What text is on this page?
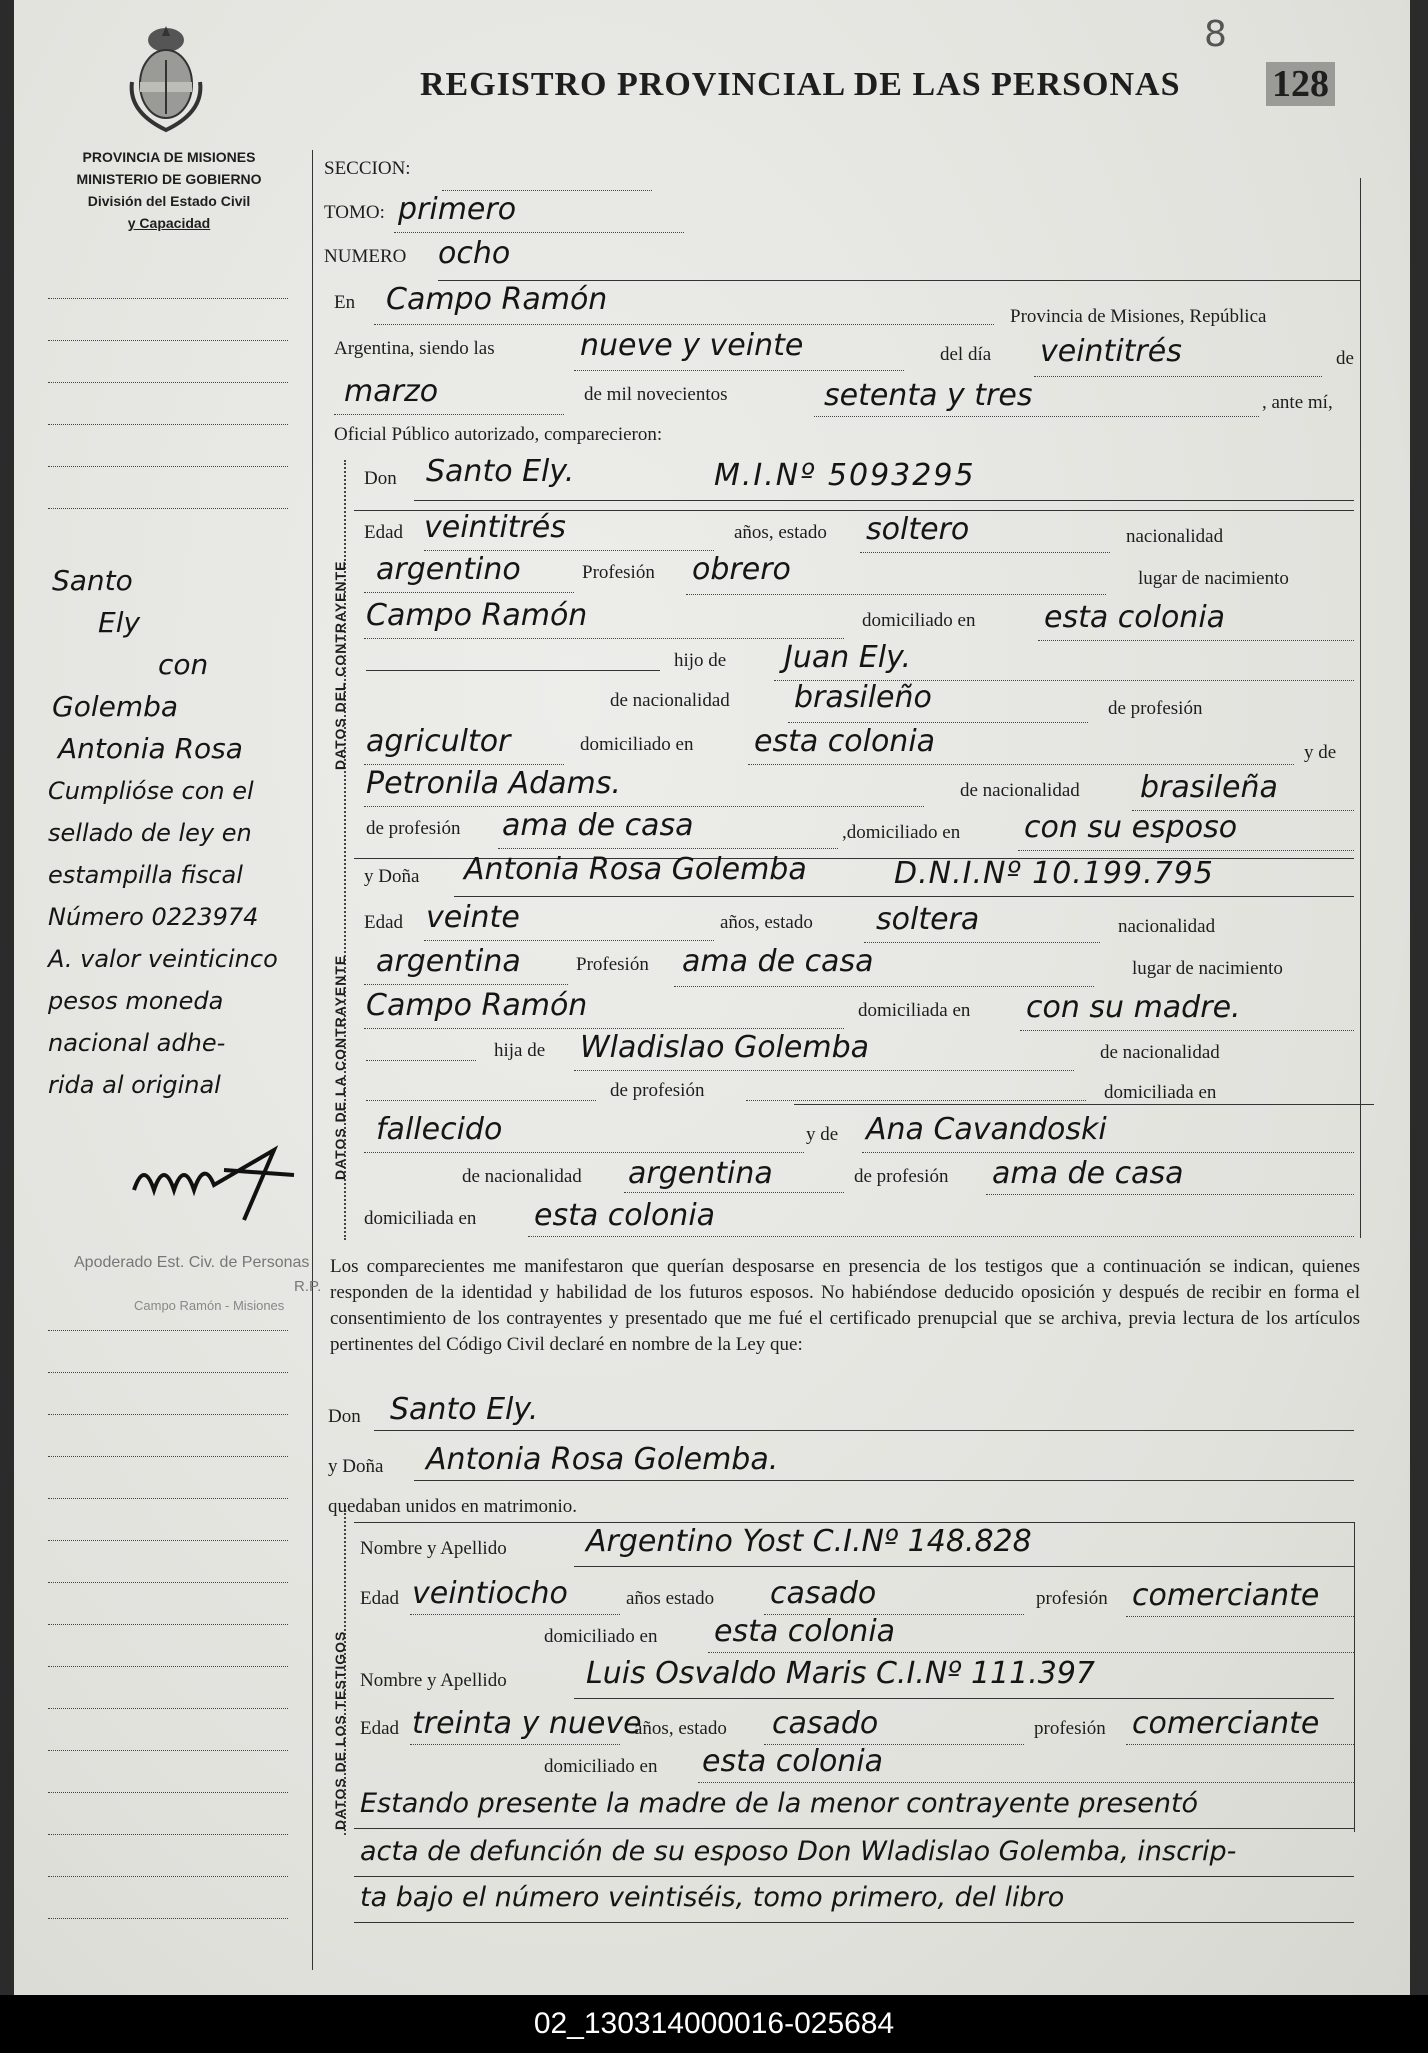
8
REGISTRO PROVINCIAL DE LAS PERSONAS 128
PROVINCIA DE MISIONES
MINISTERIO DE GOBIERNO
División del Estado Civil
y Capacidad
Santo
Ely
con
Golemba
Antonia Rosa
Cumplióse con el
sellado de ley en
estampilla fiscal
Número 0223974
A. valor veinticinco
pesos moneda
nacional adhe-
rida al original
Apoderado Est. Civ. de Personas
R.P.
Campo Ramón - Misiones
SECCION:
TOMO: primero
NUMERO ocho
En Campo Ramón	Provincia de Misiones, República
Argentina, siendo las	nueve y veinte	del día veintitrés	de
marzo	de mil novecientos	setenta y tres	, ante mí,
Oficial Público autorizado, comparecieron:
DATOS DEL CONTRAYENTE
Don Santo Ely.	M.I.Nº 5093295
Edad veintitrés	años, estado soltero	nacionalidad
argentino	Profesión obrero	lugar de nacimiento
Campo Ramón	domiciliado en esta colonia
hijo de Juan Ely.
de nacionalidad brasileño	de profesión
agricultor	domiciliado en esta colonia	y de
Petronila Adams.	de nacionalidad brasileña
de profesión ama de casa	,domiciliado en con su esposo
DATOS DE LA CONTRAYENTE
y Doña Antonia Rosa Golemba	D.N.I.Nº 10.199.795
Edad veinte	años, estado soltera	nacionalidad
argentina	Profesión ama de casa	lugar de nacimiento
Campo Ramón	domiciliada en con su madre.
hija de Wladislao Golemba	de nacionalidad
de profesión	domiciliada en
fallecido	y de Ana Cavandoski
de nacionalidad argentina	de profesión ama de casa
domiciliada en esta colonia
Los comparecientes me manifestaron que querían desposarse en presencia de los testigos que a continuación se indican, quienes responden de la identidad y habilidad de los futuros esposos. No habiéndose deducido oposición y después de recibir en forma el consentimiento de los contrayentes y presentado que me fué el certificado prenupcial que se archiva, previa lectura de los artículos pertinentes del Código Civil declaré en nombre de la Ley que:
Don Santo Ely.
y Doña Antonia Rosa Golemba.
quedaban unidos en matrimonio.
DATOS DE LOS TESTIGOS
Nombre y Apellido	Argentino Yost C.I.Nº 148.828
Edad veintiocho	años estado casado	profesión comerciante
domiciliado en esta colonia
Nombre y Apellido	Luis Osvaldo Maris C.I.Nº 111.397
Edad treinta y nueve
años, estado casado	profesión comerciante
domiciliado en esta colonia
Estando presente la madre de la menor contrayente presentó
acta de defunción de su esposo Don Wladislao Golemba, inscrip-
ta bajo el número veintiséis, tomo primero, del libro
02_130314000016-025684
